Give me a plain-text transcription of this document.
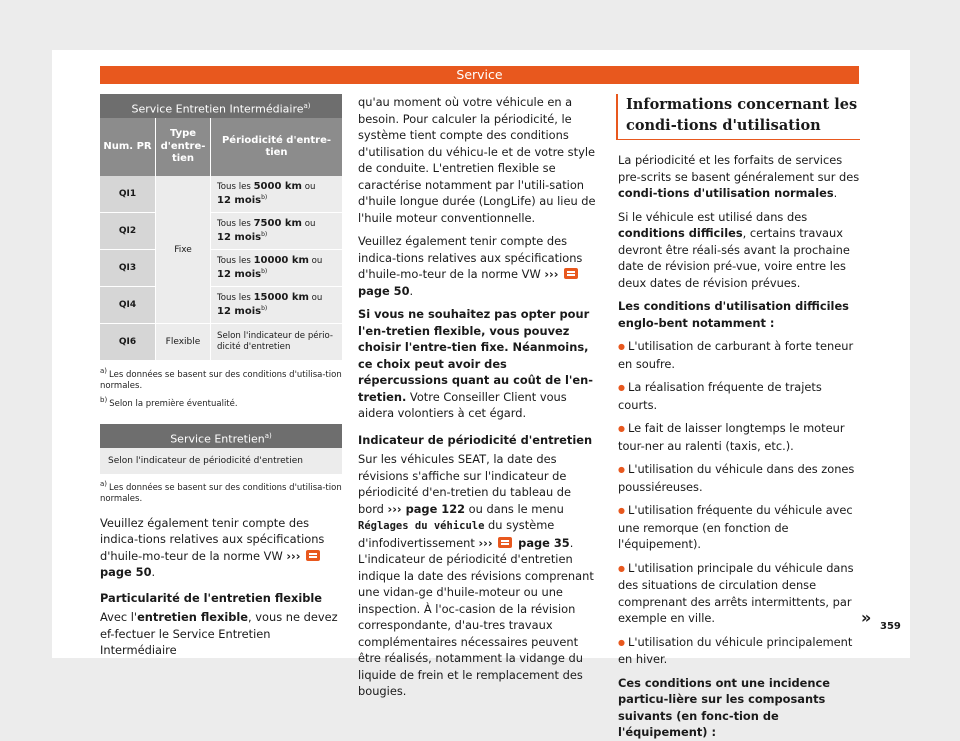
Service
Service Entretien Intermédiaire$^{a)}$
Num. PR	Type d'entre-tien	Périodicité d'entre-tien
QI1	Fixe	Tous les 5000 km ou
12 mois$^{b)}$
QI2		Tous les 7500 km ou
12 mois$^{b)}$
QI3		Tous les 10000 km ou
12 mois$^{b)}$
QI4		Tous les 15000 km ou
12 mois$^{b)}$
QI6	Flexible	Selon l'indicateur de pério-dicité d'entretien
$^{a)}$ Les données se basent sur des conditions d'utilisa-tion normales.
$^{b)}$ Selon la première éventualité.
Service Entretien$^{a)}$
Selon l'indicateur de périodicité d'entretien
$^{a)}$ Les données se basent sur des conditions d'utilisa-tion normales.

Veuillez également tenir compte des indica-tions relatives aux spécifications d'huile-mo-teur de la norme VW ›››  page 50.

Particularité de l'entretien flexible

Avec l'entretien flexible, vous ne devez ef-fectuer le Service Entretien Intermédiaire

qu'au moment où votre véhicule en a besoin. Pour calculer la périodicité, le système tient compte des conditions d'utilisation du véhicu-le et de votre style de conduite. L'entretien flexible se caractérise notamment par l'utili-sation d'huile longue durée (LongLife) au lieu de l'huile moteur conventionnelle.

Veuillez également tenir compte des indica-tions relatives aux spécifications d'huile-mo-teur de la norme VW ›››  page 50.

Si vous ne souhaitez pas opter pour l'en-tretien flexible, vous pouvez choisir l'entre-tien fixe. Néanmoins, ce choix peut avoir des répercussions quant au coût de l'en-tretien. Votre Conseiller Client vous aidera volontiers à cet égard.

Indicateur de périodicité d'entretien

Sur les véhicules SEAT, la date des révisions s'affiche sur l'indicateur de périodicité d'en-tretien du tableau de bord ››› page 122 ou dans le menu Réglages du véhicule du système d'infodivertissement ›››  page 35. L'indicateur de périodicité d'entretien indique la date des révisions comprenant une vidan-ge d'huile-moteur ou une inspection. À l'oc-casion de la révision correspondante, d'au-tres travaux complémentaires nécessaires peuvent être réalisés, notamment la vidange du liquide de frein et le remplacement des bougies.

Informations concernant les condi-tions d'utilisation

La périodicité et les forfaits de services pre-scrits se basent généralement sur des condi-tions d'utilisation normales.

Si le véhicule est utilisé dans des conditions difficiles, certains travaux devront être réali-sés avant la prochaine date de révision pré-vue, voire entre les deux dates de révision prévues.

Les conditions d'utilisation difficiles englo-bent notamment :

● L'utilisation de carburant à forte teneur en soufre.

● La réalisation fréquente de trajets courts.

● Le fait de laisser longtemps le moteur tour-ner au ralenti (taxis, etc.).

● L'utilisation du véhicule dans des zones poussiéreuses.

● L'utilisation fréquente du véhicule avec une remorque (en fonction de l'équipement).

● L'utilisation principale du véhicule dans des situations de circulation dense comprenant des arrêts intermittents, par exemple en ville.

● L'utilisation du véhicule principalement en hiver.

Ces conditions ont une incidence particu-lière sur les composants suivants (en fonc-tion de l'équipement) :

» 359
